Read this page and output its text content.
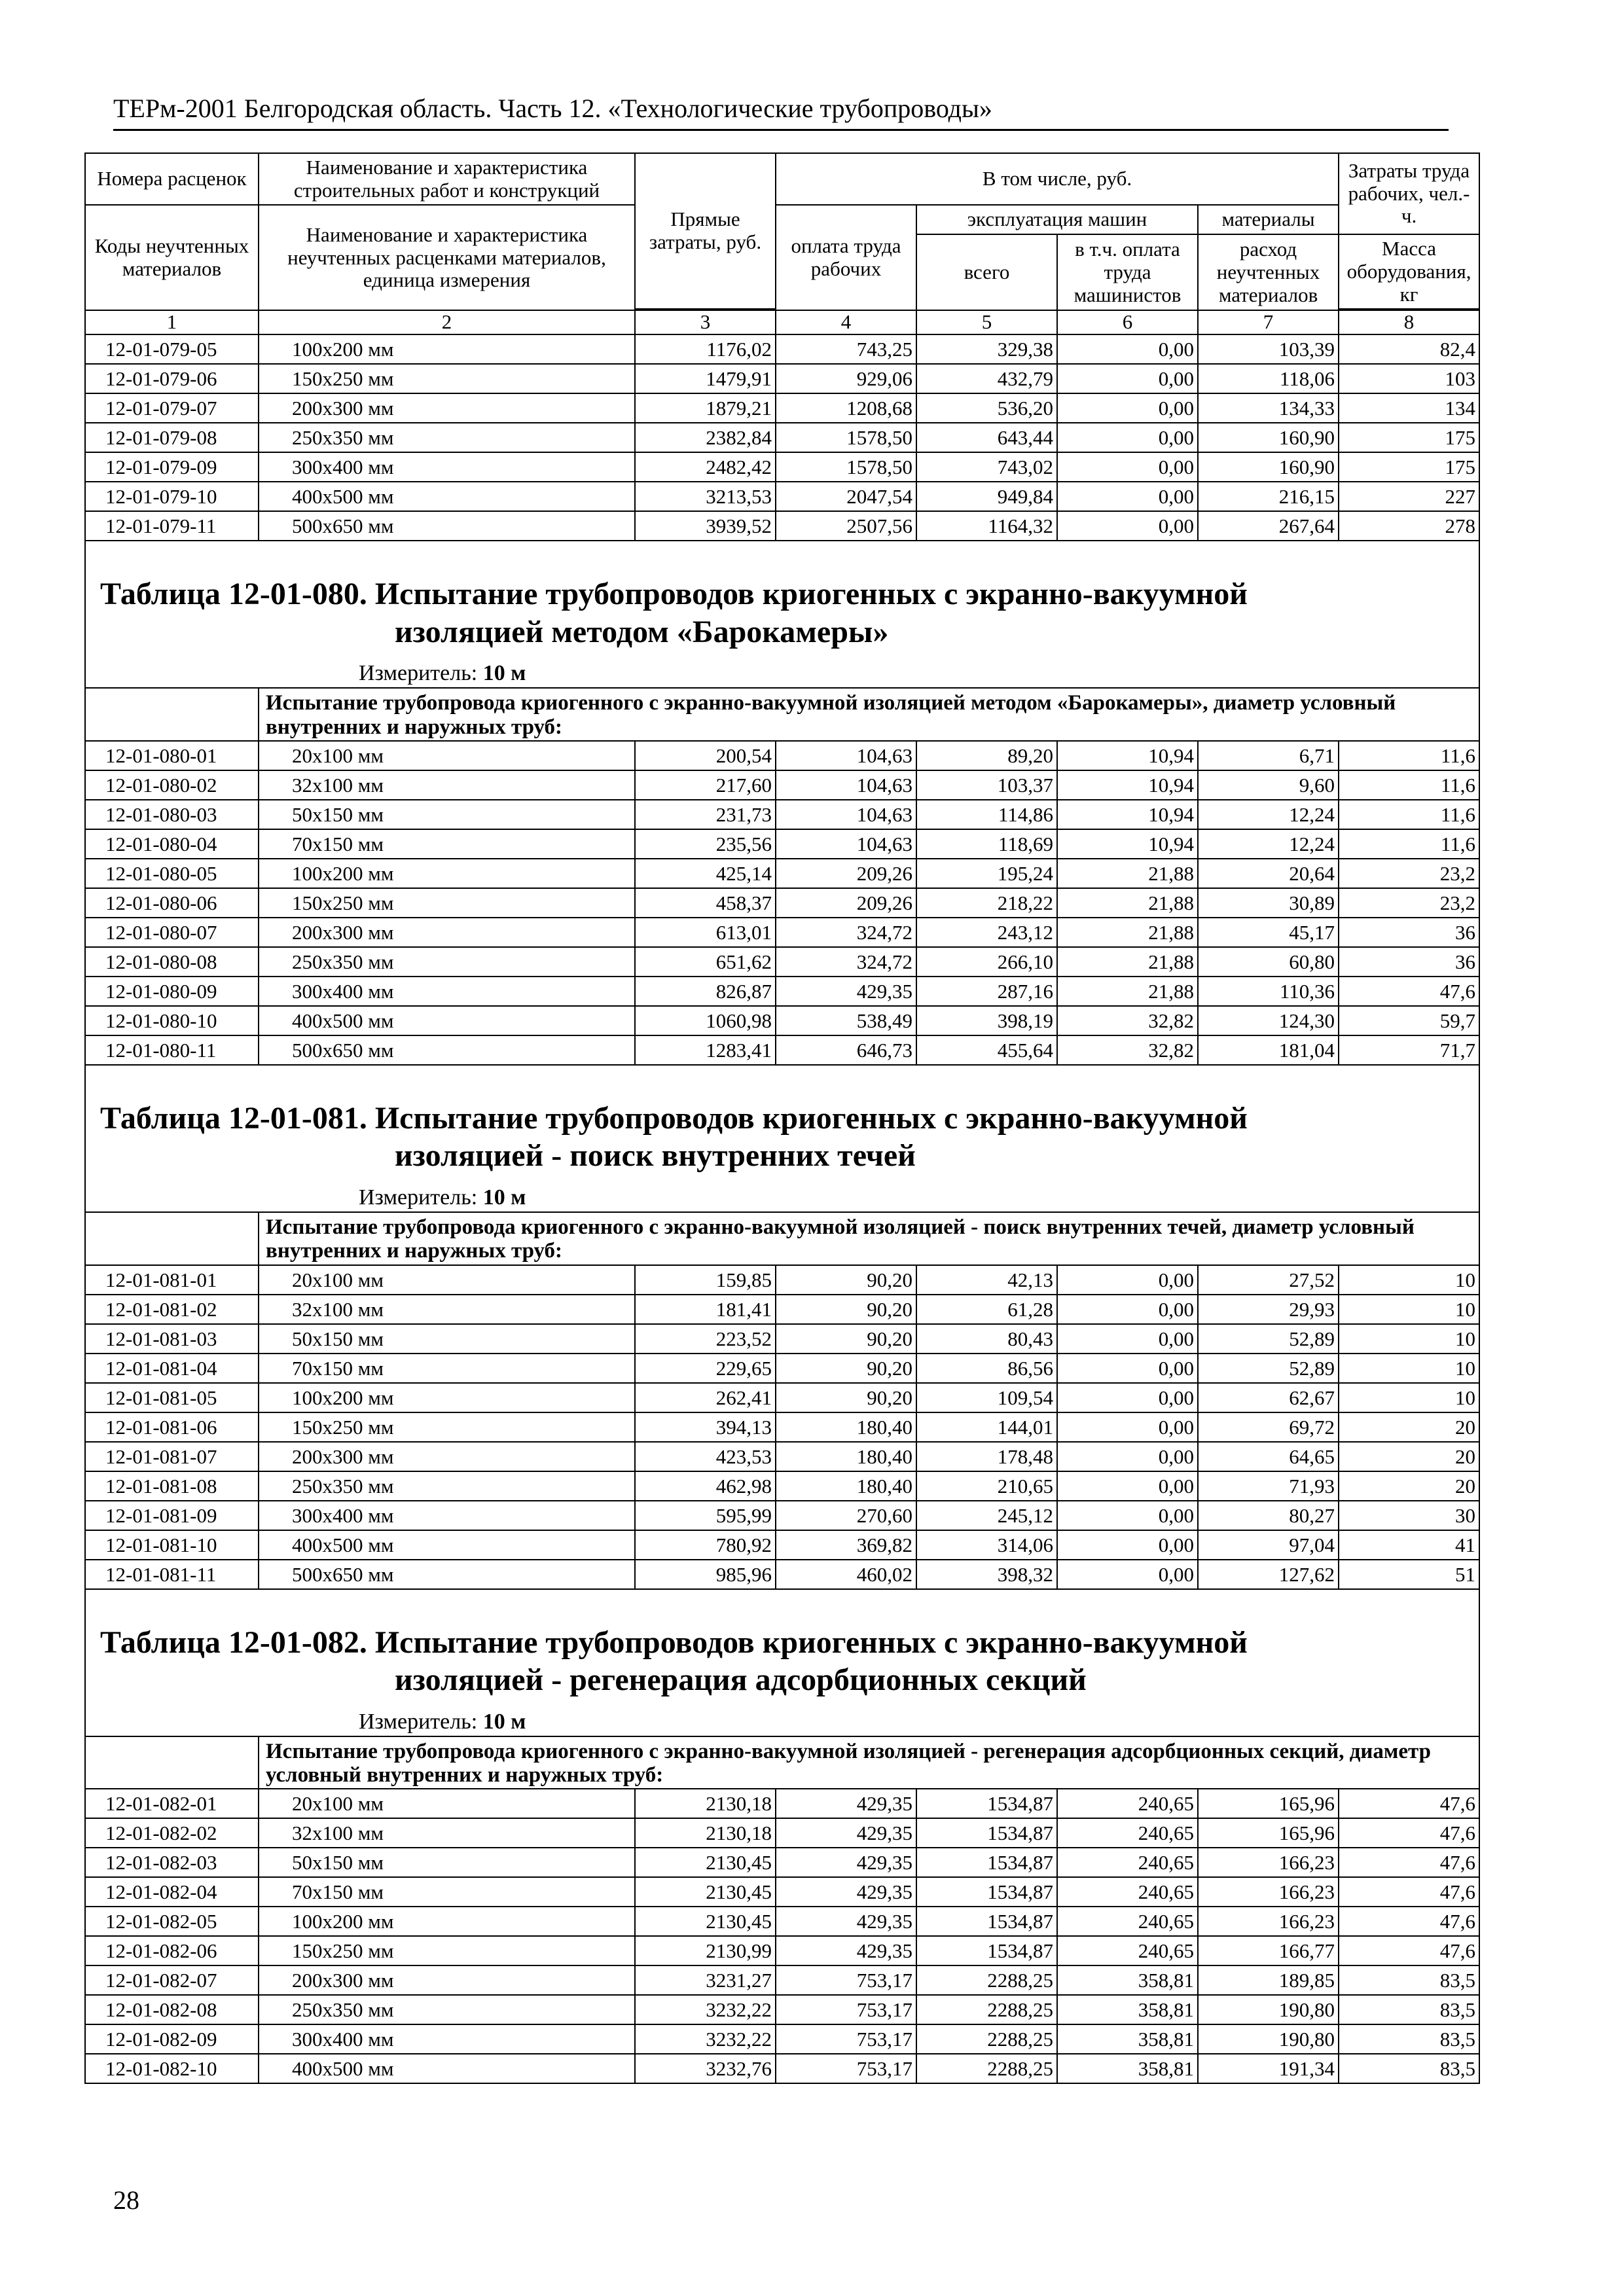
ТЕРм-2001 Белгородская область. Часть 12. «Технологические трубопроводы»
Номера расценок	Наименование и характеристика строительных работ и конструкций	Прямые затраты, руб.	В том числе, руб.				Затраты труда рабочих, чел.-ч.
Коды неучтенных материалов	Наименование и характеристика неучтенных расценками материалов, единица измерения		оплата труда рабочих	эксплуатация машин		материалы	
				всего	в т.ч. оплата труда машинистов	расход неучтенных материалов	Масса оборудования, кг

1	2	3	4	5	6	7	8
12-01-079-05	100x200 мм	1176,02	743,25	329,38	0,00	103,39	82,4
12-01-079-06	150x250 мм	1479,91	929,06	432,79	0,00	118,06	103
12-01-079-07	200x300 мм	1879,21	1208,68	536,20	0,00	134,33	134
12-01-079-08	250x350 мм	2382,84	1578,50	643,44	0,00	160,90	175
12-01-079-09	300x400 мм	2482,42	1578,50	743,02	0,00	160,90	175
12-01-079-10	400x500 мм	3213,53	2047,54	949,84	0,00	216,15	227
12-01-079-11	500x650 мм	3939,52	2507,56	1164,32	0,00	267,64	278

Таблица 12-01-080. Испытание трубопроводов криогенных с экранно-вакуумной
изоляцией методом «Барокамеры»
Измеритель: 10 м							

	Испытание трубопровода криогенного с экранно-вакуумной изоляцией методом «Барокамеры», диаметр условный внутренних и наружных труб:						
12-01-080-01	20x100 мм	200,54	104,63	89,20	10,94	6,71	11,6
12-01-080-02	32x100 мм	217,60	104,63	103,37	10,94	9,60	11,6
12-01-080-03	50x150 мм	231,73	104,63	114,86	10,94	12,24	11,6
12-01-080-04	70x150 мм	235,56	104,63	118,69	10,94	12,24	11,6
12-01-080-05	100x200 мм	425,14	209,26	195,24	21,88	20,64	23,2
12-01-080-06	150x250 мм	458,37	209,26	218,22	21,88	30,89	23,2
12-01-080-07	200x300 мм	613,01	324,72	243,12	21,88	45,17	36
12-01-080-08	250x350 мм	651,62	324,72	266,10	21,88	60,80	36
12-01-080-09	300x400 мм	826,87	429,35	287,16	21,88	110,36	47,6
12-01-080-10	400x500 мм	1060,98	538,49	398,19	32,82	124,30	59,7
12-01-080-11	500x650 мм	1283,41	646,73	455,64	32,82	181,04	71,7

Таблица 12-01-081. Испытание трубопроводов криогенных с экранно-вакуумной
изоляцией - поиск внутренних течей
Измеритель: 10 м							

	Испытание трубопровода криогенного с экранно-вакуумной изоляцией - поиск внутренних течей, диаметр условный внутренних и наружных труб:						
12-01-081-01	20x100 мм	159,85	90,20	42,13	0,00	27,52	10
12-01-081-02	32x100 мм	181,41	90,20	61,28	0,00	29,93	10
12-01-081-03	50x150 мм	223,52	90,20	80,43	0,00	52,89	10
12-01-081-04	70x150 мм	229,65	90,20	86,56	0,00	52,89	10
12-01-081-05	100x200 мм	262,41	90,20	109,54	0,00	62,67	10
12-01-081-06	150x250 мм	394,13	180,40	144,01	0,00	69,72	20
12-01-081-07	200x300 мм	423,53	180,40	178,48	0,00	64,65	20
12-01-081-08	250x350 мм	462,98	180,40	210,65	0,00	71,93	20
12-01-081-09	300x400 мм	595,99	270,60	245,12	0,00	80,27	30
12-01-081-10	400x500 мм	780,92	369,82	314,06	0,00	97,04	41
12-01-081-11	500x650 мм	985,96	460,02	398,32	0,00	127,62	51

Таблица 12-01-082. Испытание трубопроводов криогенных с экранно-вакуумной
изоляцией - регенерация адсорбционных секций
Измеритель: 10 м							

	Испытание трубопровода криогенного с экранно-вакуумной изоляцией - регенерация адсорбционных секций, диаметр условный внутренних и наружных труб:						
12-01-082-01	20x100 мм	2130,18	429,35	1534,87	240,65	165,96	47,6
12-01-082-02	32x100 мм	2130,18	429,35	1534,87	240,65	165,96	47,6
12-01-082-03	50x150 мм	2130,45	429,35	1534,87	240,65	166,23	47,6
12-01-082-04	70x150 мм	2130,45	429,35	1534,87	240,65	166,23	47,6
12-01-082-05	100x200 мм	2130,45	429,35	1534,87	240,65	166,23	47,6
12-01-082-06	150x250 мм	2130,99	429,35	1534,87	240,65	166,77	47,6
12-01-082-07	200x300 мм	3231,27	753,17	2288,25	358,81	189,85	83,5
12-01-082-08	250x350 мм	3232,22	753,17	2288,25	358,81	190,80	83,5
12-01-082-09	300x400 мм	3232,22	753,17	2288,25	358,81	190,80	83,5
12-01-082-10	400x500 мм	3232,76	753,17	2288,25	358,81	191,34	83,5
28
